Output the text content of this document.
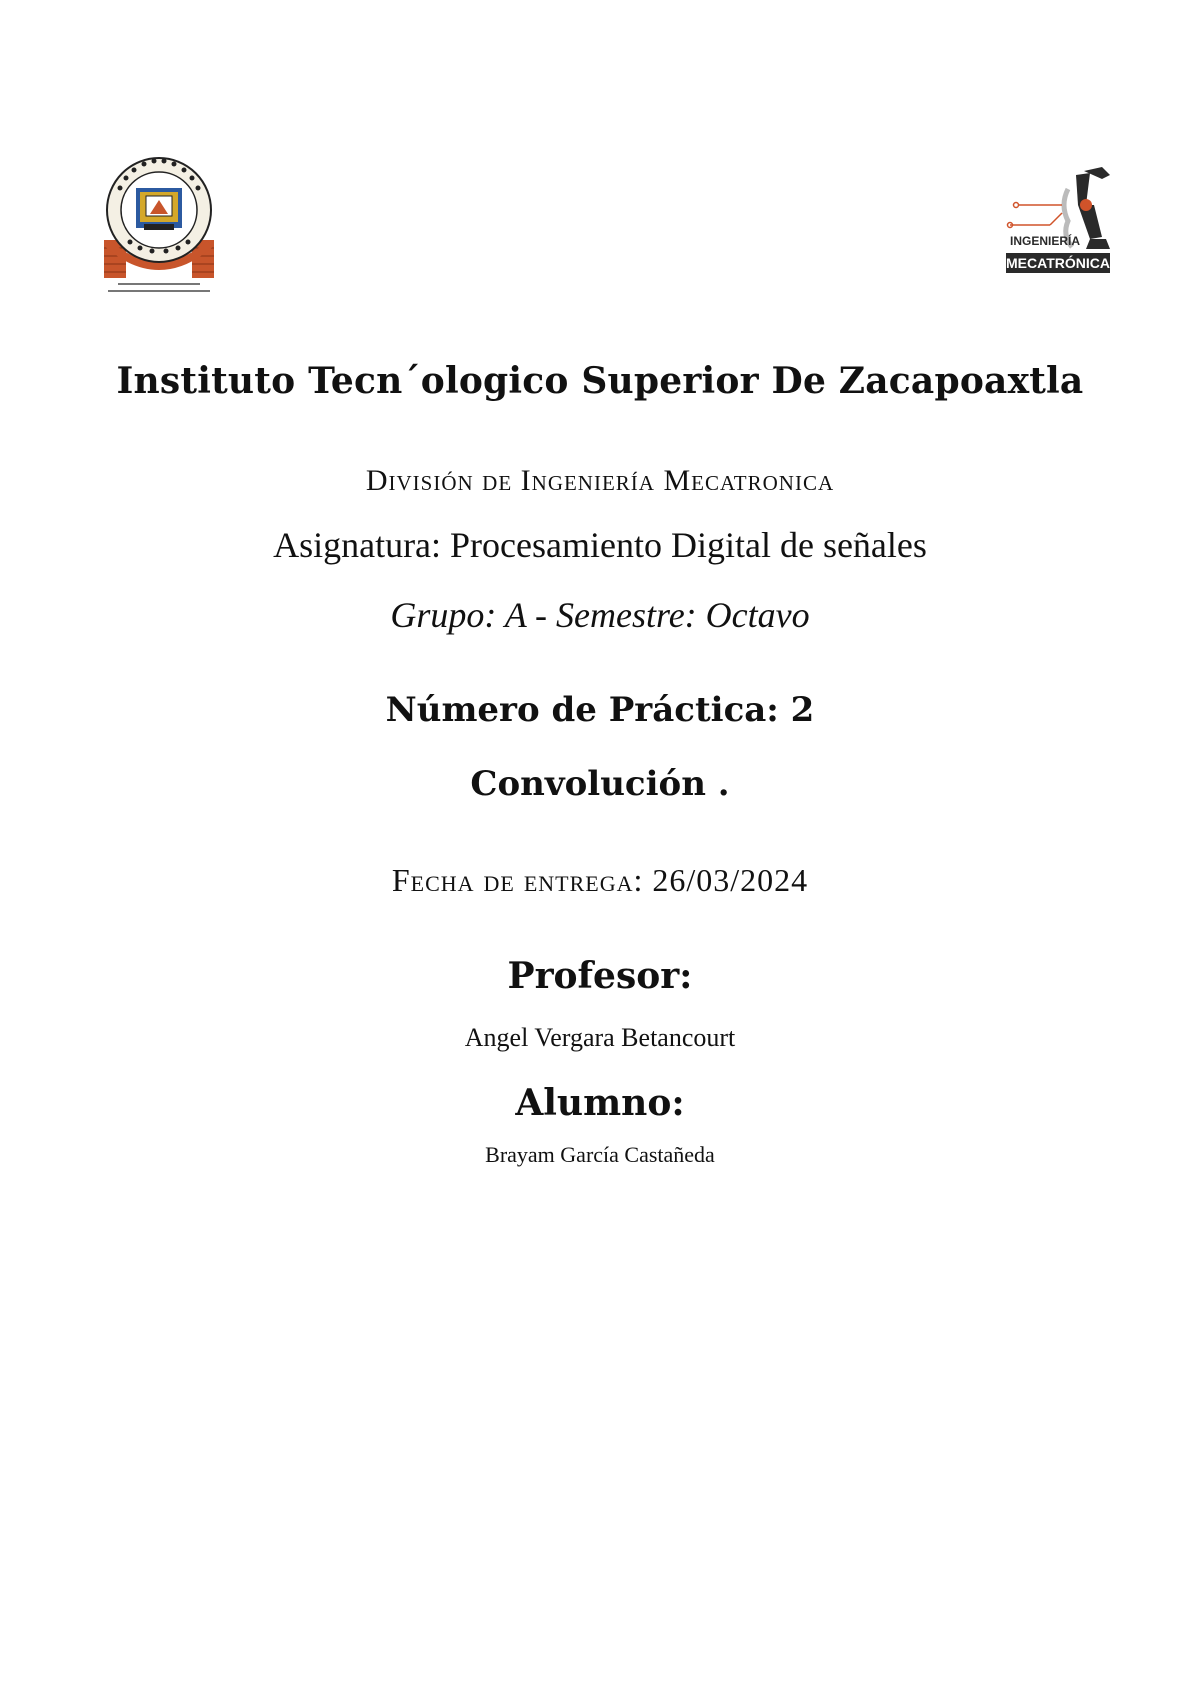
INGENIERÍA
MECATRÓNICA
Instituto Tecn´ologico Superior De Zacapoaxtla
División de Ingeniería Mecatronica
Asignatura: Procesamiento Digital de señales
Grupo: A - Semestre: Octavo
Número de Práctica: 2
Convolución .
Fecha de entrega: 26/03/2024
Profesor:
Angel Vergara Betancourt
Alumno:
Brayam García Castañeda
